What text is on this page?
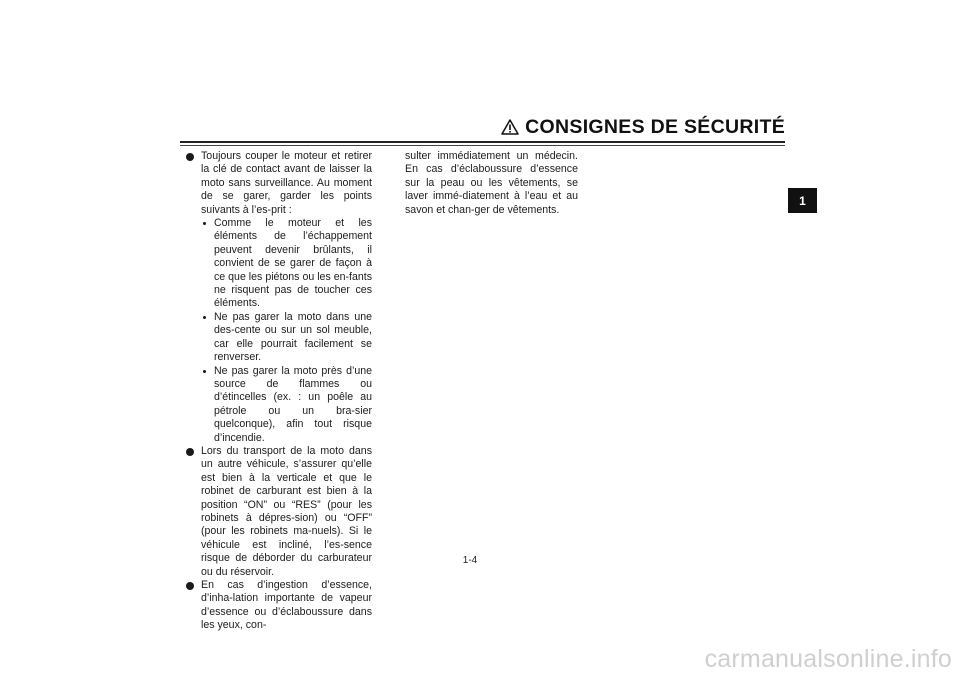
CONSIGNES DE SÉCURITÉ
1
Toujours couper le moteur et retirer la clé de contact avant de laisser la moto sans surveillance. Au moment de se garer, garder les points suivants à l’es-prit :
Comme le moteur et les éléments de l’échappement peuvent devenir brûlants, il convient de se garer de façon à ce que les piétons ou les en-fants ne risquent pas de toucher ces éléments.
Ne pas garer la moto dans une des-cente ou sur un sol meuble, car elle pourrait facilement se renverser.
Ne pas garer la moto près d’une source de flammes ou d’étincelles (ex. : un poêle au pétrole ou un bra-sier quelconque), afin tout risque d’incendie.
Lors du transport de la moto dans un autre véhicule, s’assurer qu’elle est bien à la verticale et que le robinet de carburant est bien à la position “ON” ou “RES” (pour les robinets à dépres-sion) ou “OFF” (pour les robinets ma-nuels). Si le véhicule est incliné, l’es-sence risque de déborder du carburateur ou du réservoir.
En cas d’ingestion d’essence, d’inha-lation importante de vapeur d’essence ou d’éclaboussure dans les yeux, con-
sulter immédiatement un médecin. En cas d’éclaboussure d’essence sur la peau ou les vêtements, se laver immé-diatement à l’eau et au savon et chan-ger de vêtements.
1-4
carmanualsonline.info
